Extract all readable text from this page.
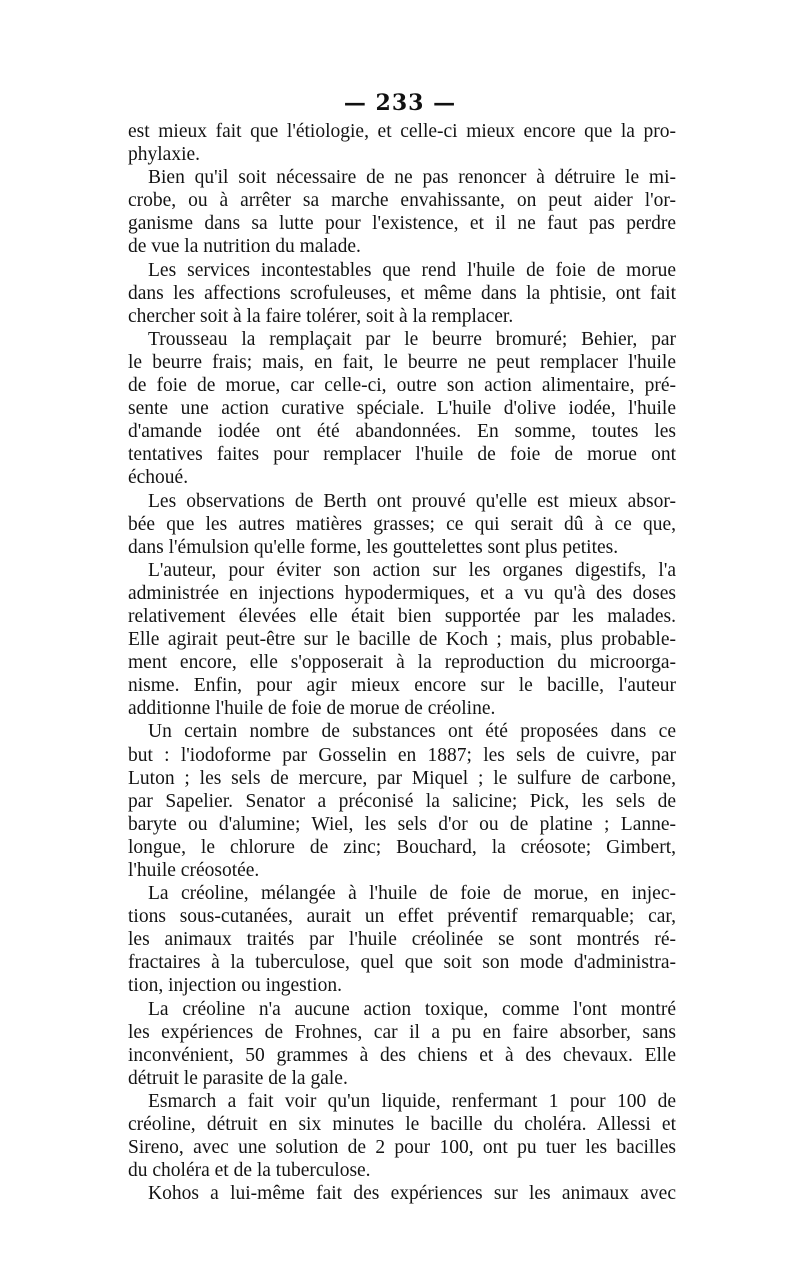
— 233 —
est mieux fait que l'étiologie, et celle-ci mieux encore que la pro-
phylaxie.
Bien qu'il soit nécessaire de ne pas renoncer à détruire le mi-
crobe, ou à arrêter sa marche envahissante, on peut aider l'or-
ganisme dans sa lutte pour l'existence, et il ne faut pas perdre
de vue la nutrition du malade.
Les services incontestables que rend l'huile de foie de morue
dans les affections scrofuleuses, et même dans la phtisie, ont fait
chercher soit à la faire tolérer, soit à la remplacer.
Trousseau la remplaçait par le beurre bromuré; Behier, par
le beurre frais; mais, en fait, le beurre ne peut remplacer l'huile
de foie de morue, car celle-ci, outre son action alimentaire, pré-
sente une action curative spéciale. L'huile d'olive iodée, l'huile
d'amande iodée ont été abandonnées. En somme, toutes les
tentatives faites pour remplacer l'huile de foie de morue ont
échoué.
Les observations de Berth ont prouvé qu'elle est mieux absor-
bée que les autres matières grasses; ce qui serait dû à ce que,
dans l'émulsion qu'elle forme, les gouttelettes sont plus petites.
L'auteur, pour éviter son action sur les organes digestifs, l'a
administrée en injections hypodermiques, et a vu qu'à des doses
relativement élevées elle était bien supportée par les malades.
Elle agirait peut-être sur le bacille de Koch ; mais, plus probable-
ment encore, elle s'opposerait à la reproduction du microorga-
nisme. Enfin, pour agir mieux encore sur le bacille, l'auteur
additionne l'huile de foie de morue de créoline.
Un certain nombre de substances ont été proposées dans ce
but : l'iodoforme par Gosselin en 1887; les sels de cuivre, par
Luton ; les sels de mercure, par Miquel ; le sulfure de carbone,
par Sapelier. Senator a préconisé la salicine; Pick, les sels de
baryte ou d'alumine; Wiel, les sels d'or ou de platine ; Lanne-
longue, le chlorure de zinc; Bouchard, la créosote; Gimbert,
l'huile créosotée.
La créoline, mélangée à l'huile de foie de morue, en injec-
tions sous-cutanées, aurait un effet préventif remarquable; car,
les animaux traités par l'huile créolinée se sont montrés ré-
fractaires à la tuberculose, quel que soit son mode d'administra-
tion, injection ou ingestion.
La créoline n'a aucune action toxique, comme l'ont montré
les expériences de Frohnes, car il a pu en faire absorber, sans
inconvénient, 50 grammes à des chiens et à des chevaux. Elle
détruit le parasite de la gale.
Esmarch a fait voir qu'un liquide, renfermant 1 pour 100 de
créoline, détruit en six minutes le bacille du choléra. Allessi et
Sireno, avec une solution de 2 pour 100, ont pu tuer les bacilles
du choléra et de la tuberculose.
Kohos a lui-même fait des expériences sur les animaux avec
